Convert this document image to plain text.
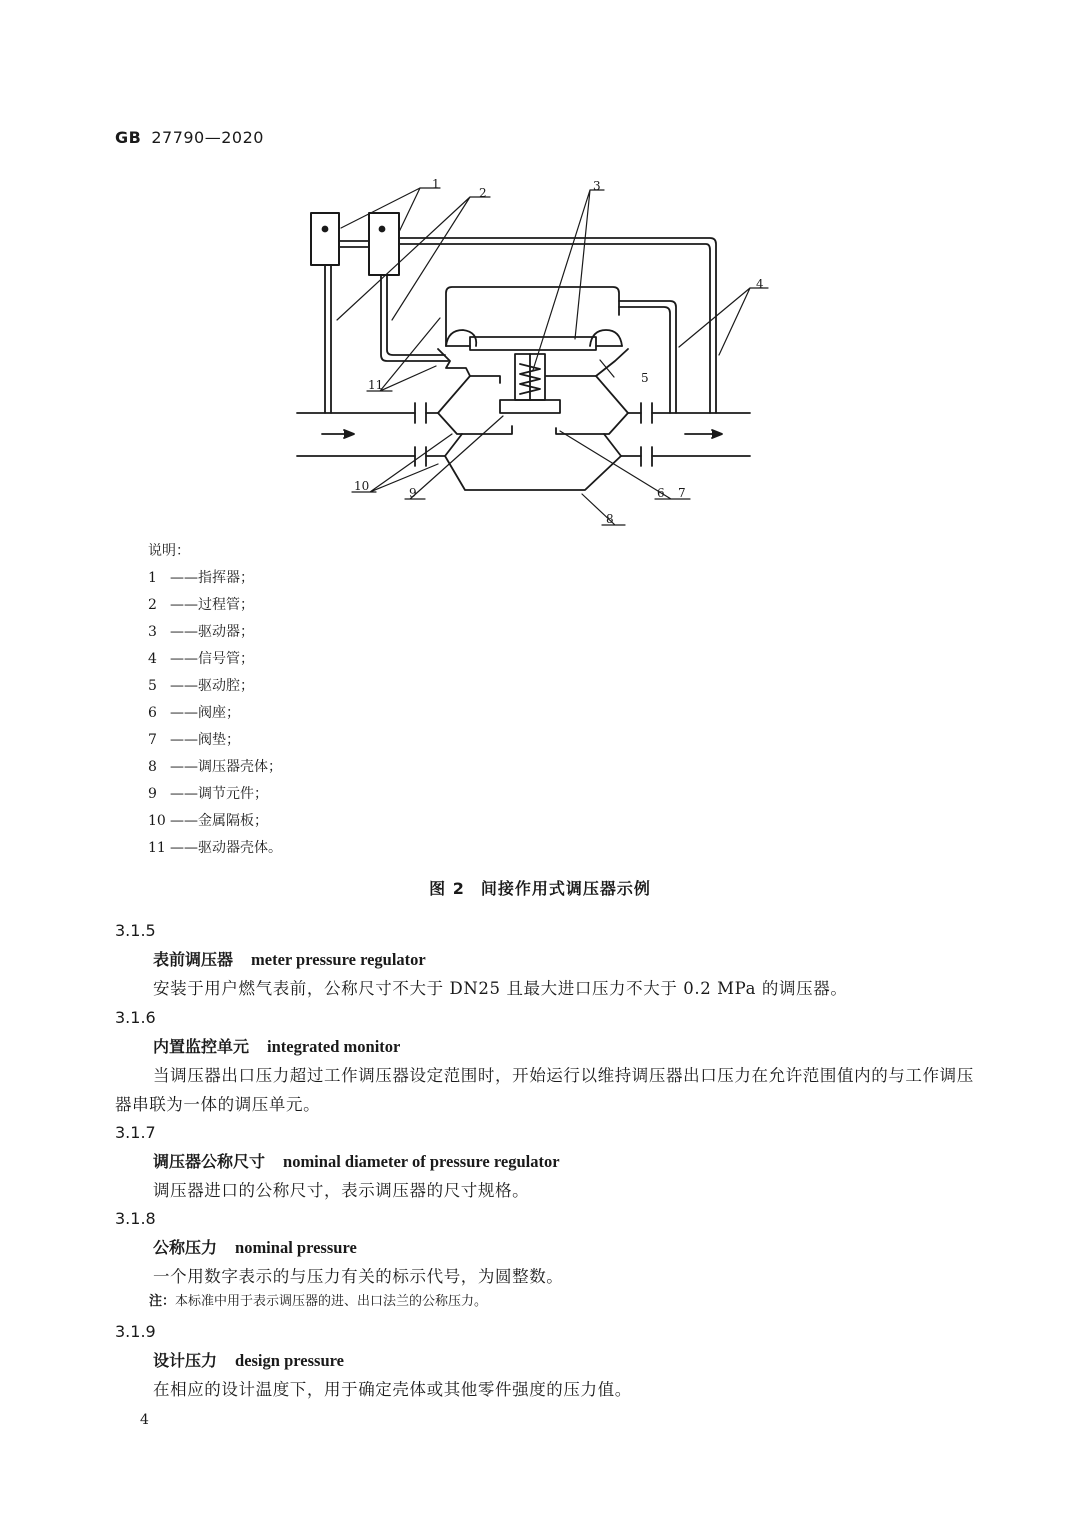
GB 27790—2020
1
2	3
4
5
6 7
8
9
10
11
说明：
1 ——指挥器；
2 ——过程管；
3 ——驱动器；
4 ——信号管；
5 ——驱动腔；
6 ——阀座；
7 ——阀垫；
8 ——调压器壳体；
9 ——调节元件；
10 ——金属隔板；
11 ——驱动器壳体。
图 2 间接作用式调压器示例
3.1.5
表前调压器 meter pressure regulator
安装于用户燃气表前，公称尺寸不大于 DN25 且最大进口压力不大于 0.2 MPa 的调压器。
3.1.6
内置监控单元 integrated monitor
当调压器出口压力超过工作调压器设定范围时，开始运行以维持调压器出口压力在允许范围值内的与工作调压器串联为一体的调压单元。
3.1.7
调压器公称尺寸 nominal diameter of pressure regulator
调压器进口的公称尺寸，表示调压器的尺寸规格。
3.1.8
公称压力 nominal pressure
一个用数字表示的与压力有关的标示代号，为圆整数。
注：本标准中用于表示调压器的进、出口法兰的公称压力。
3.1.9
设计压力 design pressure
在相应的设计温度下，用于确定壳体或其他零件强度的压力值。
4
